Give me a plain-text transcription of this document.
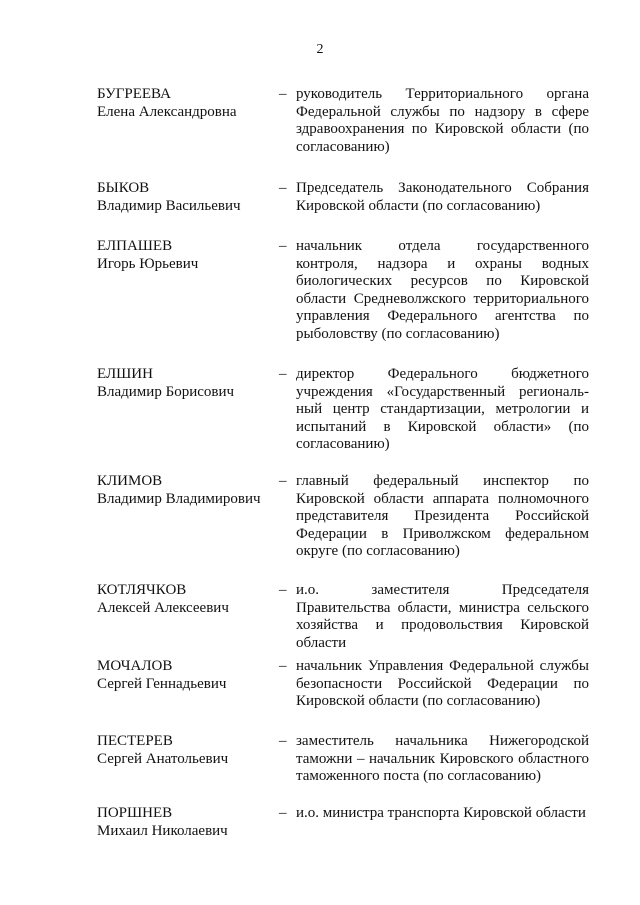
2
БУГРЕЕВА
Елена Александровна
– руководитель Территориального органа Федеральной службы по надзору в сфере здравоохранения по Кировской области (по согласованию)
БЫКОВ
Владимир Васильевич
– Председатель Законодательного Собрания Кировской области (по согласованию)
ЕЛПАШЕВ
Игорь Юрьевич
– начальник отдела государственного контроля, надзора и охраны водных биологических ресурсов по Кировской области Средневолжского территориального управления Федерального агентства по рыболовству (по согласованию)
ЕЛШИН
Владимир Борисович
– директор Федерального бюджетного учреждения «Государственный региональный центр стандартизации, метрологии и испытаний в Кировской области» (по согласованию)
КЛИМОВ
Владимир Владимирович
– главный федеральный инспектор по Кировской области аппарата полномочного представителя Президента Российской Федерации в Приволжском федеральном округе (по согласованию)
КОТЛЯЧКОВ
Алексей Алексеевич
– и.о. заместителя Председателя Правительства области, министра сельского хозяйства и продовольствия Кировской области
МОЧАЛОВ
Сергей Геннадьевич
– начальник Управления Федеральной службы безопасности Российской Федерации по Кировской области (по согласованию)
ПЕСТЕРЕВ
Сергей Анатольевич
– заместитель начальника Нижегородской таможни – начальник Кировского областного таможенного поста (по согласованию)
ПОРШНЕВ
Михаил Николаевич
– и.о. министра транспорта Кировской области
